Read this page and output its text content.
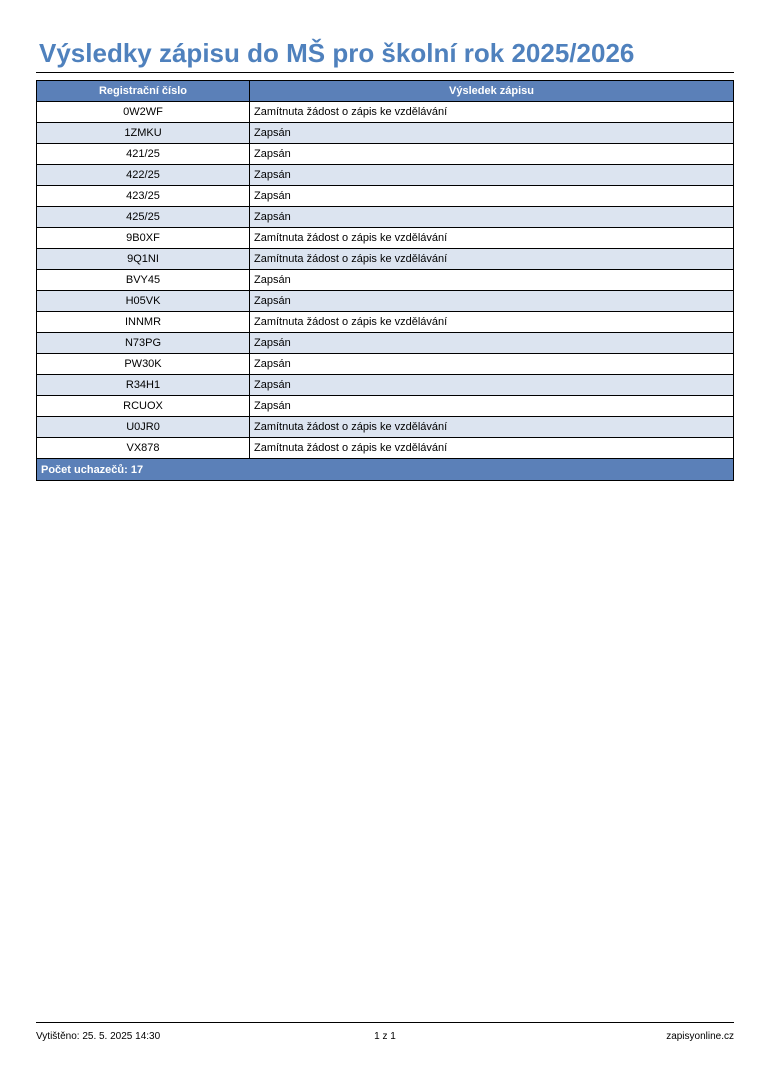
Výsledky zápisu do MŠ pro školní rok 2025/2026
Registrační číslo	Výsledek zápisu
0W2WF	Zamítnuta žádost o zápis ke vzdělávání
1ZMKU	Zapsán
421/25	Zapsán
422/25	Zapsán
423/25	Zapsán
425/25	Zapsán
9B0XF	Zamítnuta žádost o zápis ke vzdělávání
9Q1NI	Zamítnuta žádost o zápis ke vzdělávání
BVY45	Zapsán
H05VK	Zapsán
INNMR	Zamítnuta žádost o zápis ke vzdělávání
N73PG	Zapsán
PW30K	Zapsán
R34H1	Zapsán
RCUOX	Zapsán
U0JR0	Zamítnuta žádost o zápis ke vzdělávání
VX878	Zamítnuta žádost o zápis ke vzdělávání
Počet uchazečů: 17	
Vytištěno: 25. 5. 2025 14:30	1 z 1	zapisyonline.cz
